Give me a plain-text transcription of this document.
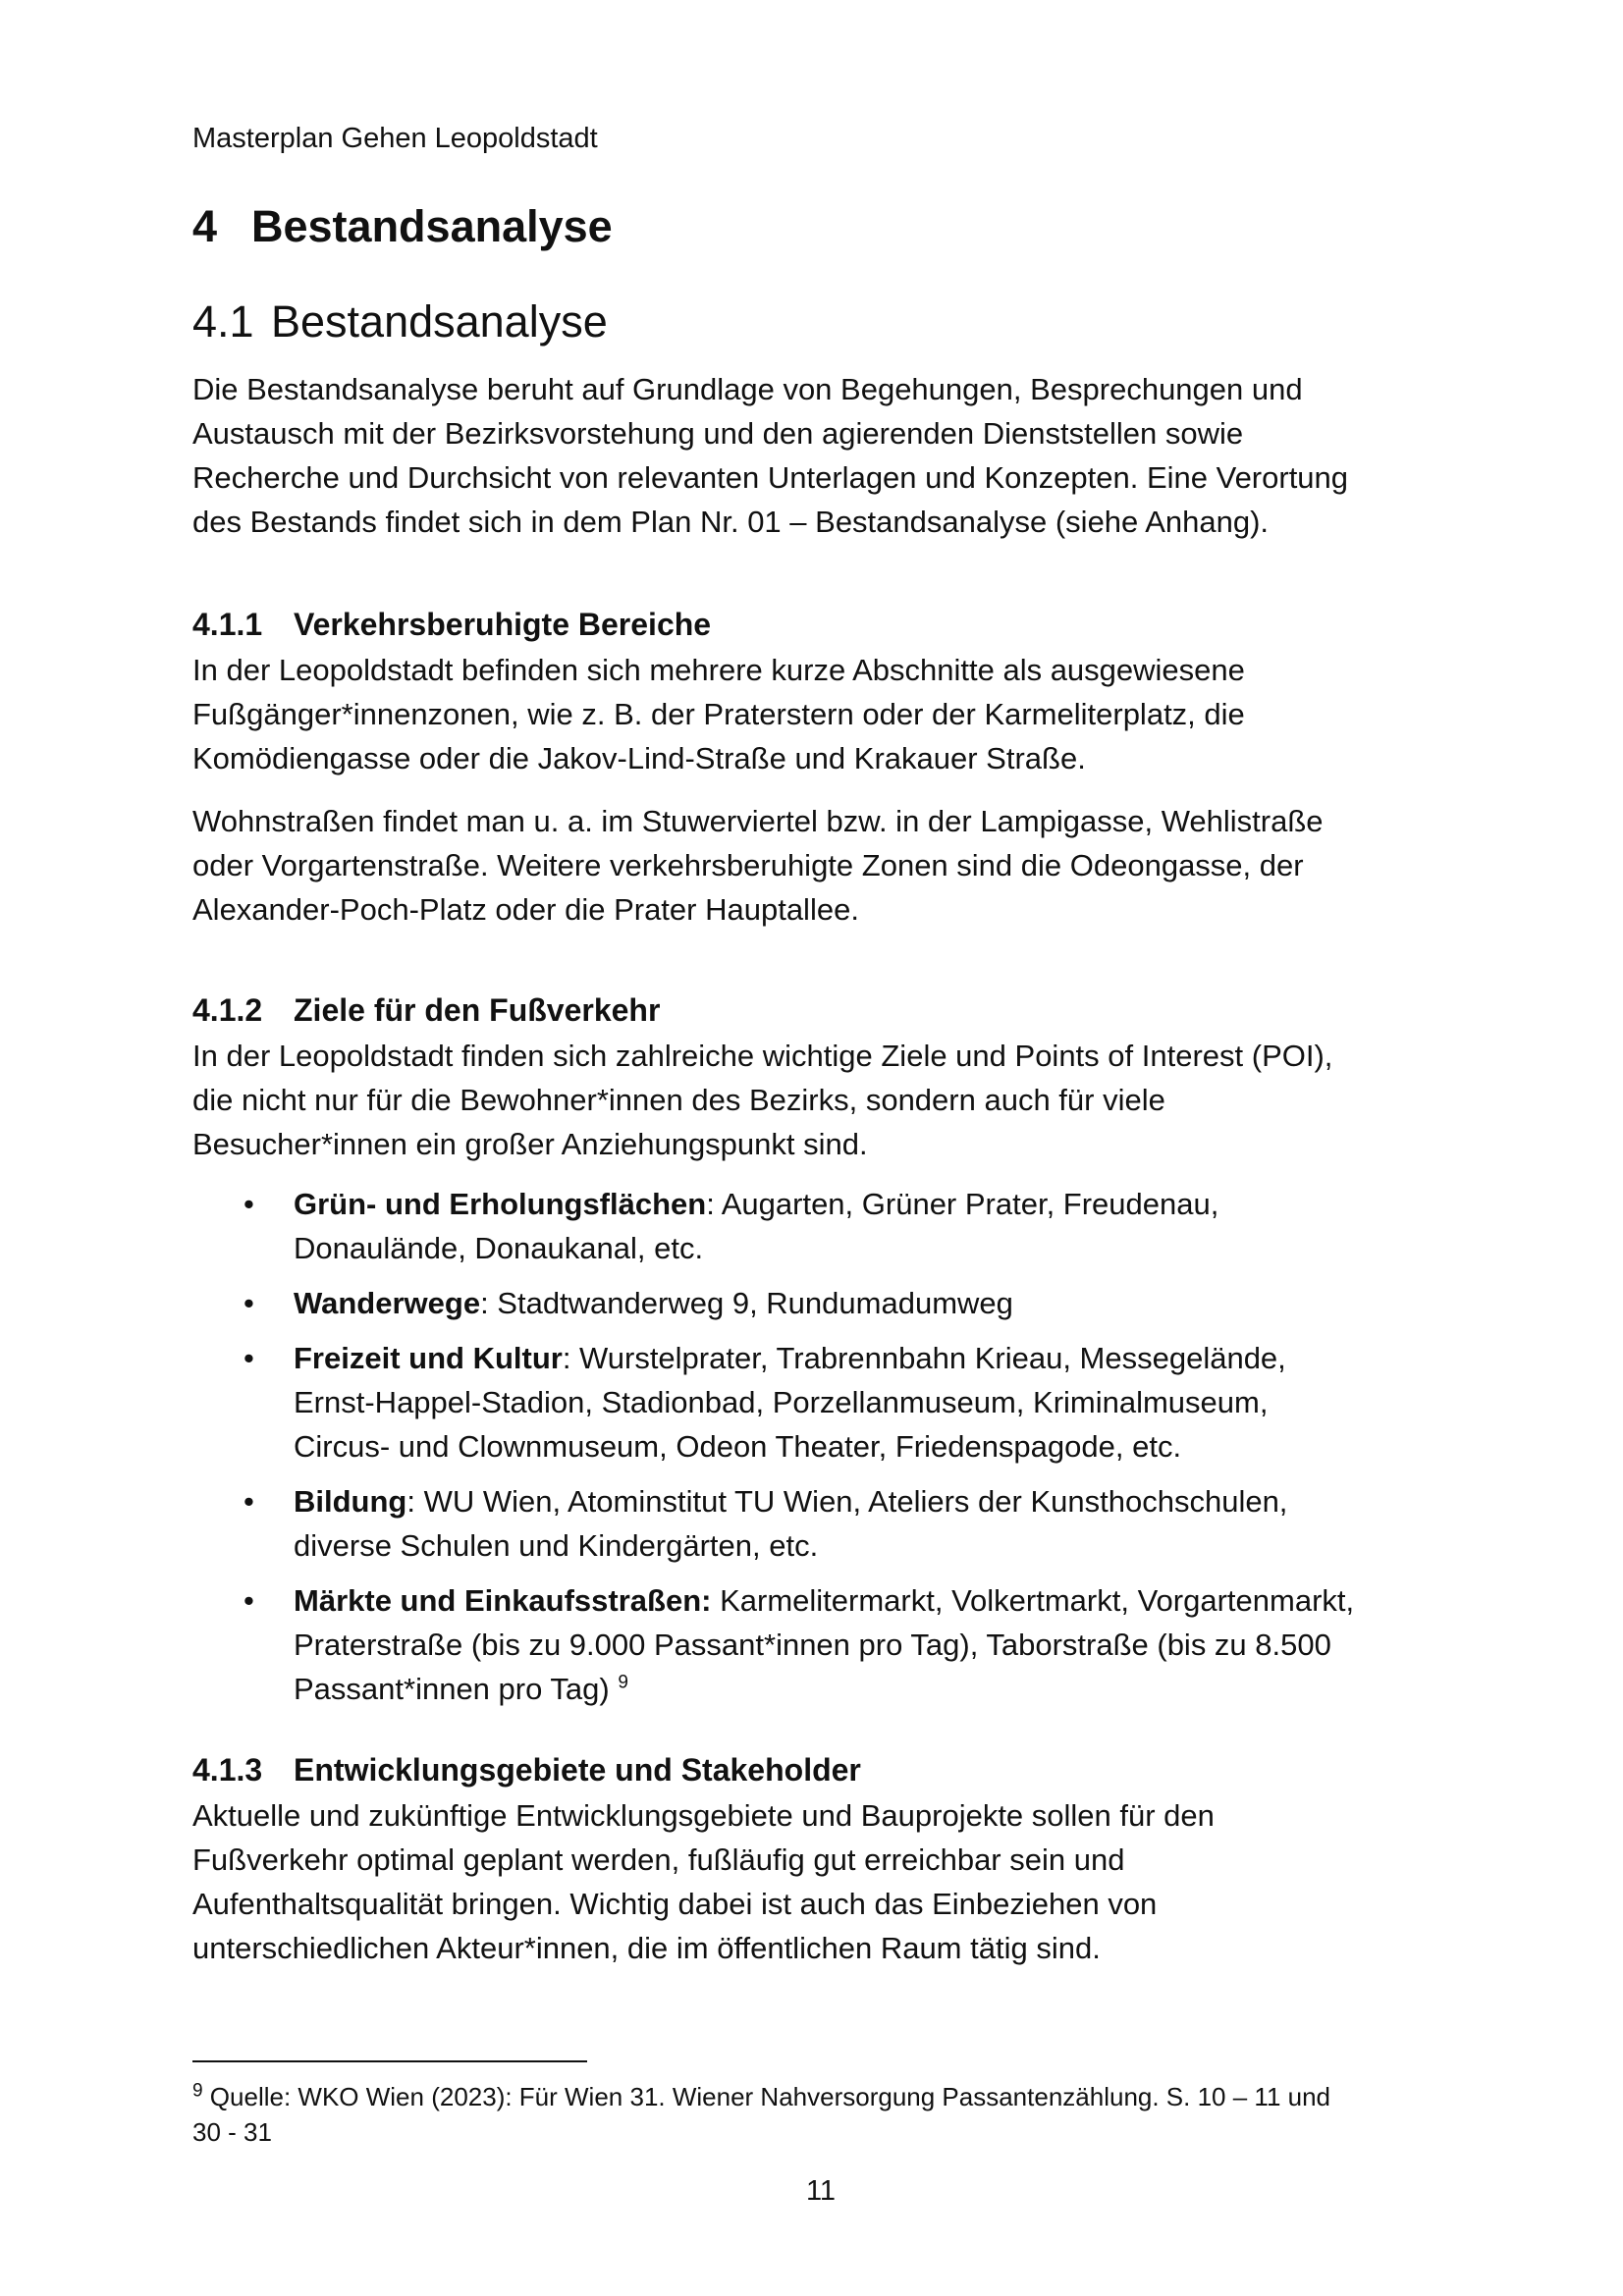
Masterplan Gehen Leopoldstadt
4 Bestandsanalyse
4.1 Bestandsanalyse

Die Bestandsanalyse beruht auf Grundlage von Begehungen, Besprechungen und
Austausch mit der Bezirksvorstehung und den agierenden Dienststellen sowie
Recherche und Durchsicht von relevanten Unterlagen und Konzepten. Eine Verortung
des Bestands findet sich in dem Plan Nr. 01 – Bestandsanalyse (siehe Anhang).

4.1.1 Verkehrsberuhigte Bereiche

In der Leopoldstadt befinden sich mehrere kurze Abschnitte als ausgewiesene
Fußgänger*innenzonen, wie z. B. der Praterstern oder der Karmeliterplatz, die
Komödiengasse oder die Jakov-Lind-Straße und Krakauer Straße.

Wohnstraßen findet man u. a. im Stuwerviertel bzw. in der Lampigasse, Wehlistraße
oder Vorgartenstraße. Weitere verkehrsberuhigte Zonen sind die Odeongasse, der
Alexander-Poch-Platz oder die Prater Hauptallee.

4.1.2 Ziele für den Fußverkehr

In der Leopoldstadt finden sich zahlreiche wichtige Ziele und Points of Interest (POI),
die nicht nur für die Bewohner*innen des Bezirks, sondern auch für viele
Besucher*innen ein großer Anziehungspunkt sind.

• Grün- und Erholungsflächen: Augarten, Grüner Prater, Freudenau,
Donaulände, Donaukanal, etc.
• Wanderwege: Stadtwanderweg 9, Rundumadumweg
• Freizeit und Kultur: Wurstelprater, Trabrennbahn Krieau, Messegelände,
Ernst-Happel-Stadion, Stadionbad, Porzellanmuseum, Kriminalmuseum,
Circus- und Clownmuseum, Odeon Theater, Friedenspagode, etc.
• Bildung: WU Wien, Atominstitut TU Wien, Ateliers der Kunsthochschulen,
diverse Schulen und Kindergärten, etc.
• Märkte und Einkaufsstraßen: Karmelitermarkt, Volkertmarkt, Vorgartenmarkt,
Praterstraße (bis zu 9.000 Passant*innen pro Tag), Taborstraße (bis zu 8.500
Passant*innen pro Tag) $^9$
4.1.3 Entwicklungsgebiete und Stakeholder

Aktuelle und zukünftige Entwicklungsgebiete und Bauprojekte sollen für den
Fußverkehr optimal geplant werden, fußläufig gut erreichbar sein und
Aufenthaltsqualität bringen. Wichtig dabei ist auch das Einbeziehen von
unterschiedlichen Akteur*innen, die im öffentlichen Raum tätig sind.

$^9$ Quelle: WKO Wien (2023): Für Wien 31. Wiener Nahversorgung Passantenzählung. S. 10 – 11 und
30 - 31
11
